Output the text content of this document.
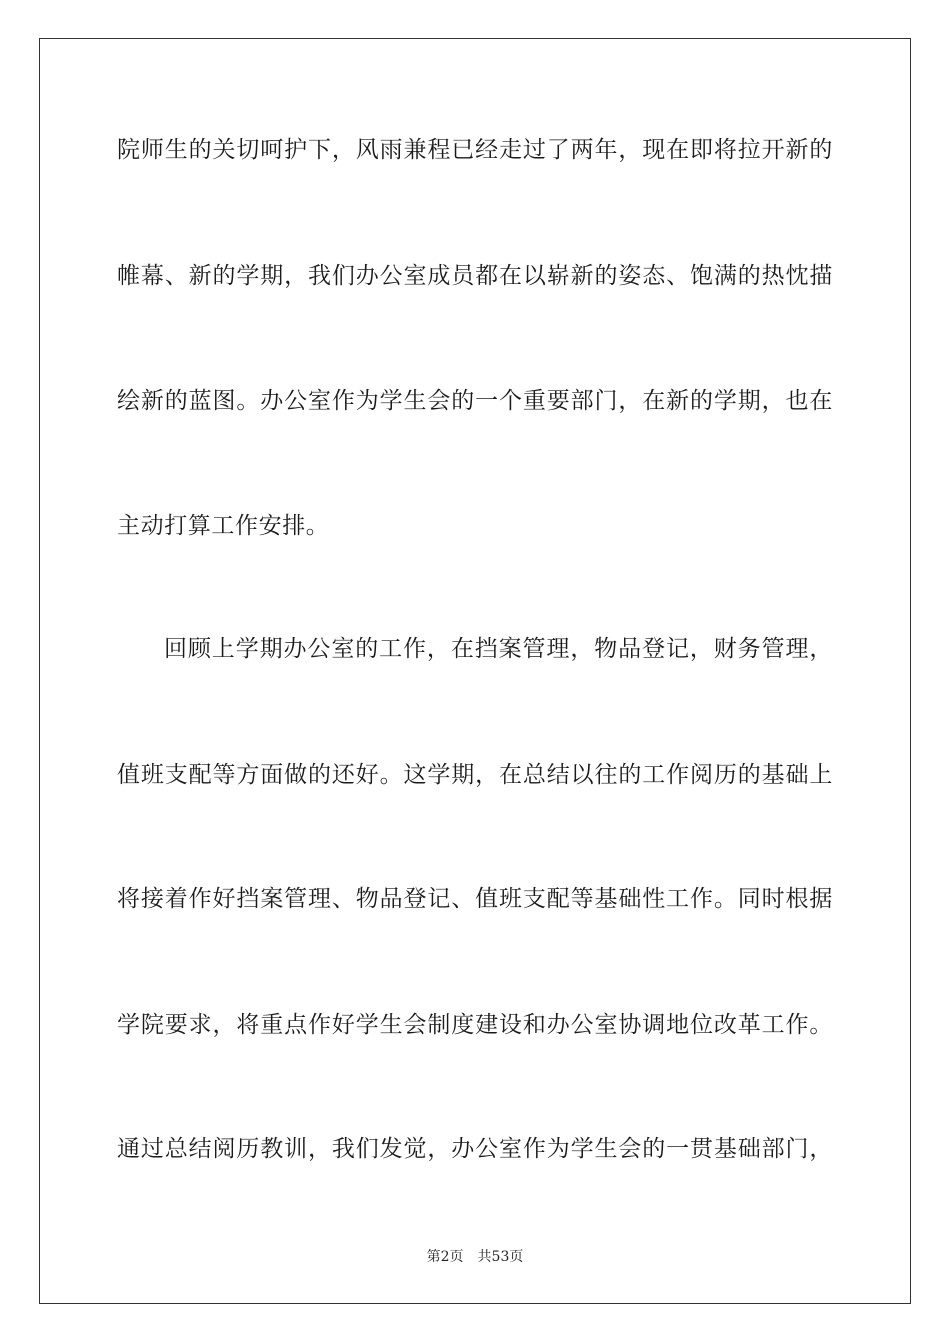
院师生的关切呵护下，风雨兼程已经走过了两年，现在即将拉开新的
帷幕、新的学期，我们办公室成员都在以崭新的姿态、饱满的热忱描
绘新的蓝图。办公室作为学生会的一个重要部门，在新的学期，也在
主动打算工作安排。
回顾上学期办公室的工作，在挡案管理，物品登记，财务管理，
值班支配等方面做的还好。这学期，在总结以往的工作阅历的基础上
将接着作好挡案管理、物品登记、值班支配等基础性工作。同时根据
学院要求，将重点作好学生会制度建设和办公室协调地位改革工作。
通过总结阅历教训，我们发觉，办公室作为学生会的一贯基础部门，
第2页 共53页
